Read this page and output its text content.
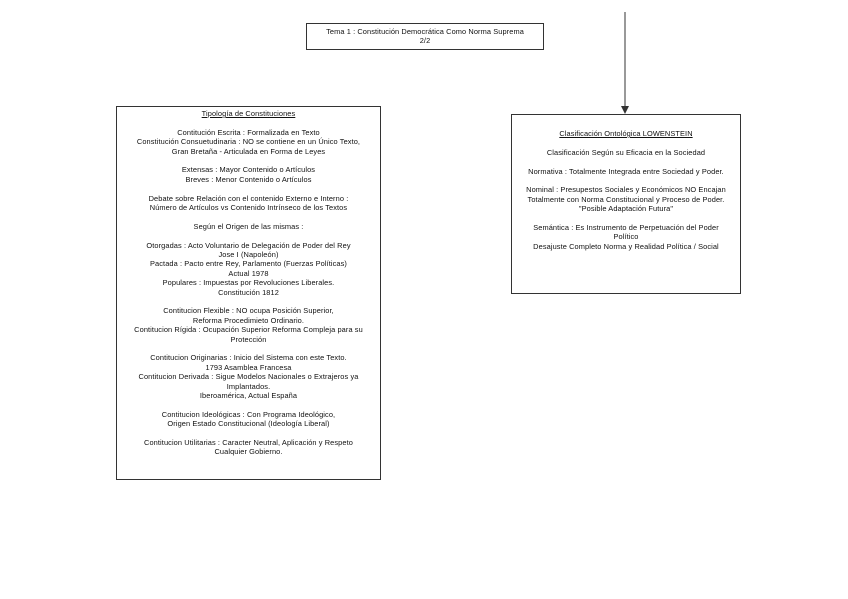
Tema 1 : Constitución Democrática Como Norma Suprema

2/2

Tipología de Constituciones

Contitución Escrita : Formalizada en Texto

Constitución Consuetudinaria : NO se contiene en un Único Texto,

Gran Bretaña - Articulada en Forma de Leyes

Extensas : Mayor Contenido o Artículos

Breves : Menor Contenido o Artículos

Debate sobre Relación con el contenido Externo e Interno :

Número de Artículos vs Contenido Intrínseco de los Textos

Según el Origen de las mismas :

Otorgadas : Acto Voluntario de Delegación de Poder del Rey

Jose I (Napoleón)

Pactada : Pacto entre Rey, Parlamento (Fuerzas Políticas)

Actual 1978

Populares : Impuestas por Revoluciones Liberales.

Constitución 1812

Contitucion Flexible : NO ocupa Posición Superior,

Reforma Procedimieto Ordinario.

Contitucion Rígida : Ocupación Superior Reforma Compleja para su

Protección

Contitucion Originarias : Inicio del Sistema con este Texto.

1793 Asamblea Francesa

Contitucion Derivada : Sigue Modelos Nacionales o Extrajeros ya

Implantados.

Iberoamérica, Actual España

Contitucion Ideológicas : Con Programa Ideológico,

Origen Estado Constitucional (Ideología Liberal)

Contitucion Utilitarias : Caracter Neutral, Aplicación y Respeto

Cualquier Gobierno.

Clasificación Ontológica LOWENSTEIN

Clasificación Según su Eficacia en la Sociedad

Normativa : Totalmente Integrada entre Sociedad y Poder.

Nominal : Presupestos Sociales y Económicos NO Encajan

Totalmente con Norma Constitucional y Proceso de Poder.

"Posible Adaptación Futura"

Semántica : Es Instrumento de Perpetuación del Poder

Político

Desajuste Completo Norma y Realidad Política / Social
